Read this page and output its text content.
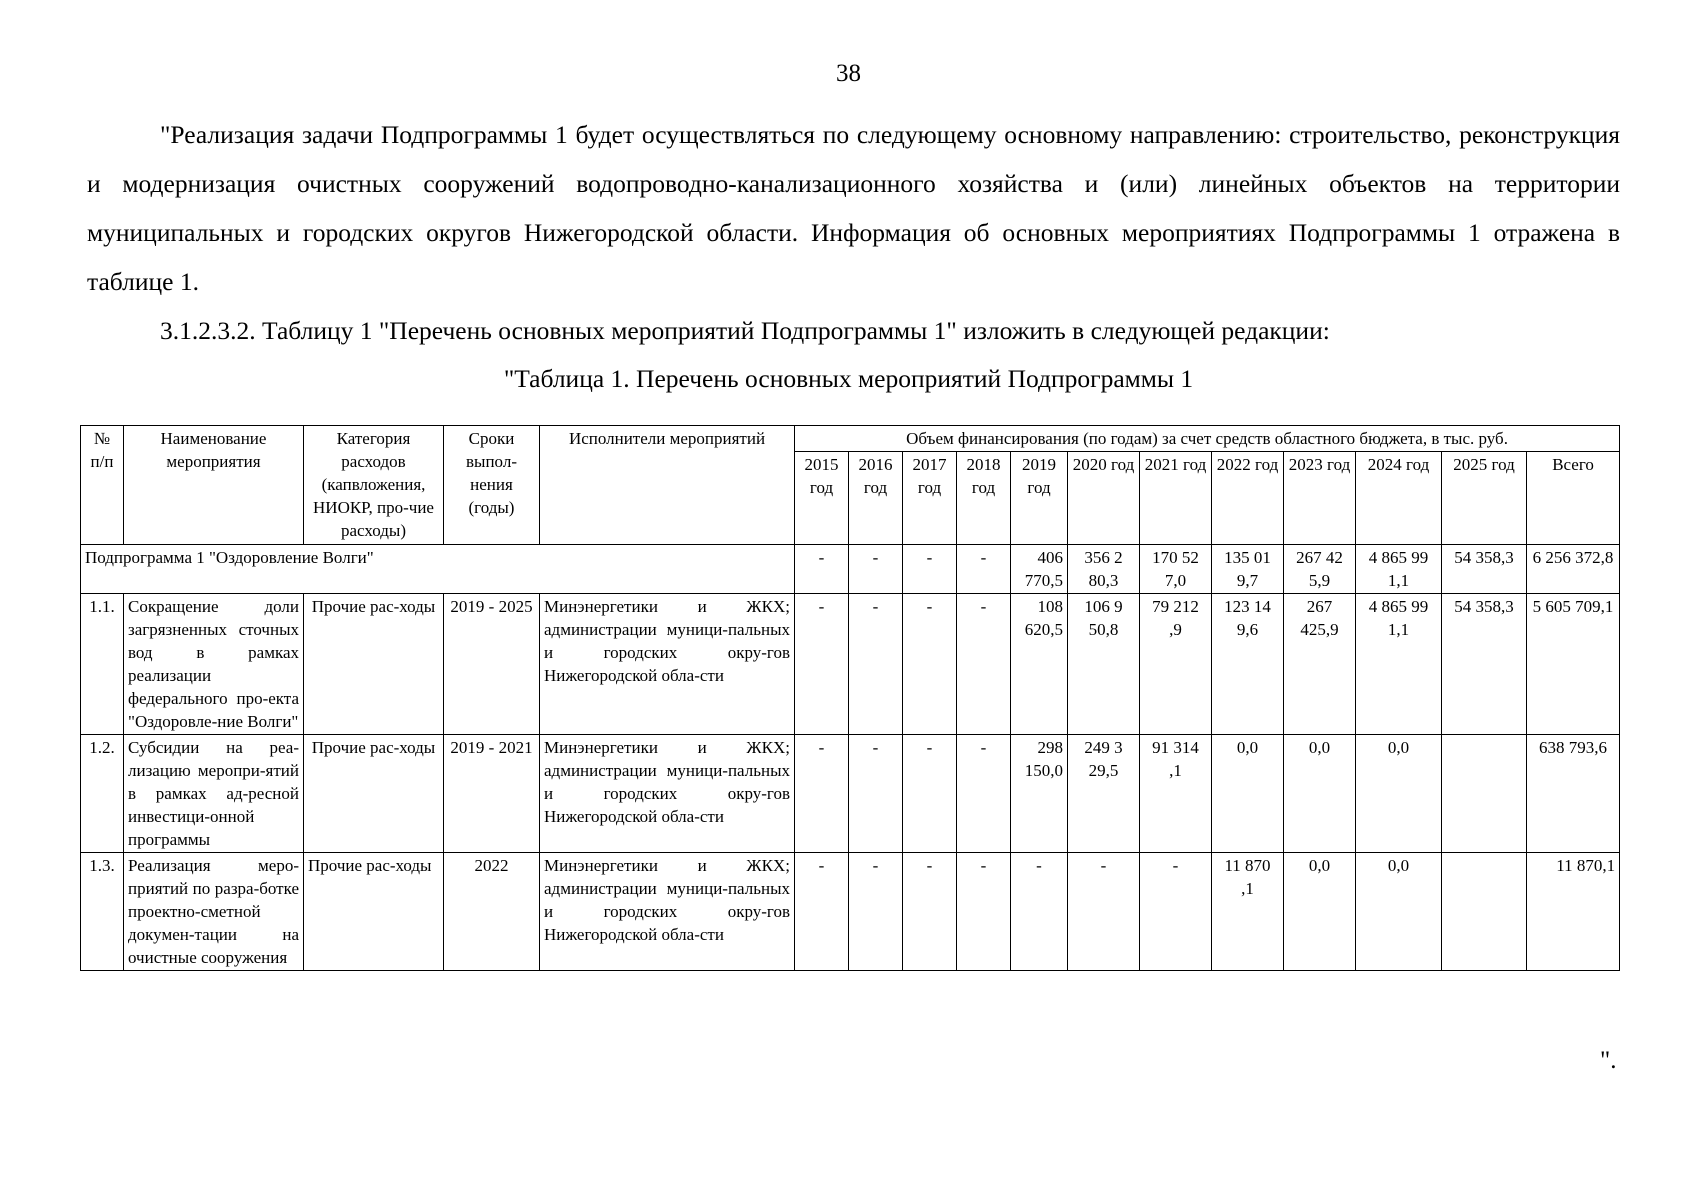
38

"Реализация задачи Подпрограммы 1 будет осуществляться по следующему основному направлению: строительство, реконструкция и модернизация очистных сооружений водопроводно-канализационного хозяйства и (или) линейных объектов на территории муниципальных и городских округов Нижегородской области. Информация об основных мероприятиях Подпрограммы 1 отражена в таблице 1.

3.1.2.3.2. Таблицу 1 "Перечень основных мероприятий Подпрограммы 1" изложить в следующей редакции:

"Таблица 1. Перечень основных мероприятий Подпрограммы 1
№ п/п	Наименование мероприятия	Категория расходов (капвложения, НИОКР, про-чие расходы)	Сроки выпол-нения (годы)	Исполнители мероприятий	Объем финансирования (по годам) за счет средств областного бюджета, в тыс. руб.											
					2015 год	2016 год	2017 год	2018 год	2019 год	2020 год	2021 год	2022 год	2023 год	2024 год	2025 год	Всего
Подпрограмма 1 "Оздоровление Волги"					-	-	-	-	406 770,5	356 2 80,3	170 52 7,0	135 01 9,7	267 42 5,9	4 865 99 1,1	54 358,3	6 256 372,8
1.1.	Сокращение доли загрязненных сточных вод в рамках реализации федерального про-екта "Оздоровле-ние Волги"	Прочие рас-ходы	2019 - 2025	Минэнергетики и ЖКХ; администрации муници-пальных и городских окру-гов Нижегородской обла-сти	-	-	-	-	108 620,5	106 9 50,8	79 212 ,9	123 14 9,6	267 425,9	4 865 99 1,1	54 358,3	5 605 709,1
1.2.	Субсидии на реа-лизацию меропри-ятий в рамках ад-ресной инвестици-онной программы	Прочие рас-ходы	2019 - 2021	Минэнергетики и ЖКХ; администрации муници-пальных и городских окру-гов Нижегородской обла-сти	-	-	-	-	298 150,0	249 3 29,5	91 314 ,1	0,0	0,0	0,0		638 793,6
1.3.	Реализация меро-приятий по разра-ботке проектно-сметной докумен-тации на очистные сооружения	Прочие рас-ходы	2022	Минэнергетики и ЖКХ; администрации муници-пальных и городских окру-гов Нижегородской обла-сти	-	-	-	-	-	-	-	11 870 ,1	0,0	0,0		11 870,1
".
